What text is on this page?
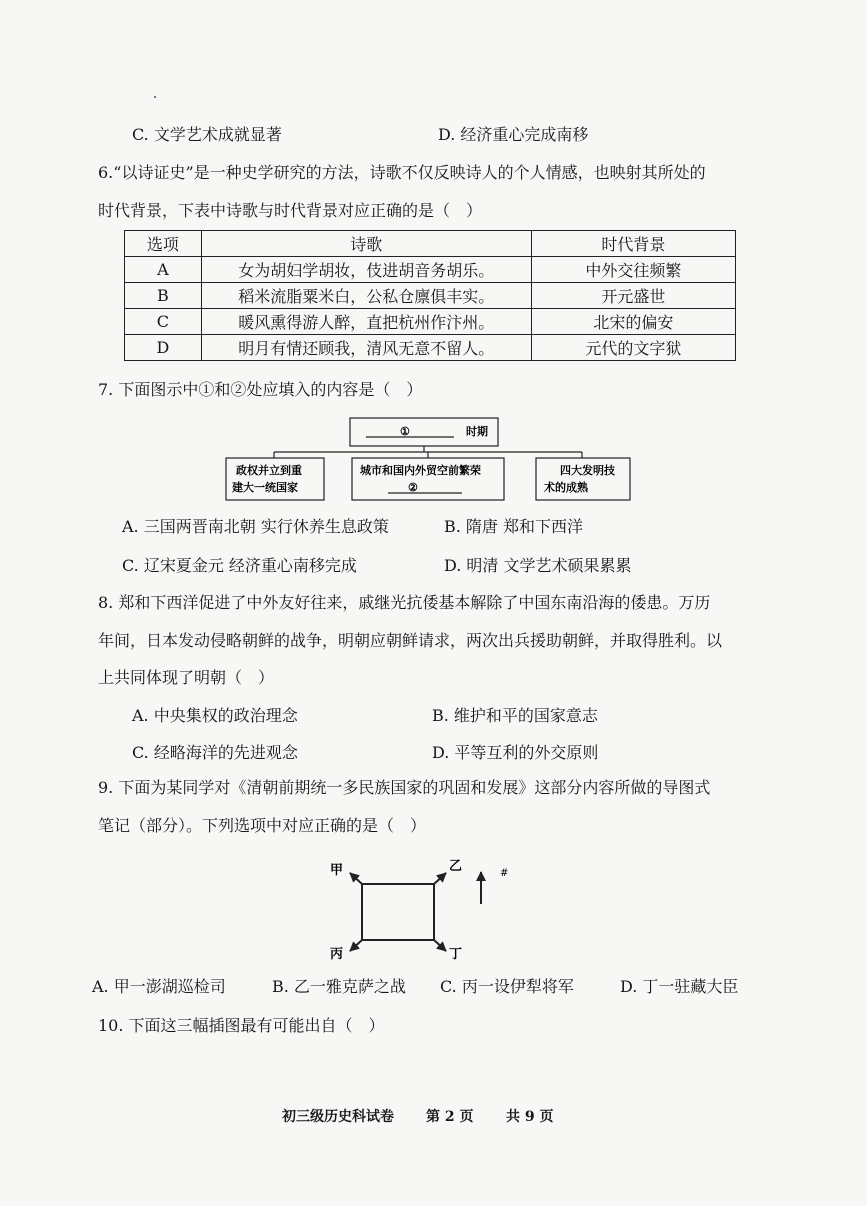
C. 文学艺术成就显著	D. 经济重心完成南移
6.“以诗证史”是一种史学研究的方法，诗歌不仅反映诗人的个人情感，也映射其所处的
时代背景，下表中诗歌与时代背景对应正确的是（　）
选项	诗歌	时代背景
A	女为胡妇学胡妆，伎进胡音务胡乐。	中外交往频繁
B	稻米流脂粟米白，公私仓廪俱丰实。	开元盛世
C	暖风熏得游人醉，直把杭州作汴州。	北宋的偏安
D	明月有情还顾我，清风无意不留人。	元代的文字狱
7. 下面图示中①和②处应填入的内容是（　）
①	时期
政权并立到重
建大一统国家
城市和国内外贸空前繁荣
②
四大发明技
术的成熟
A. 三国两晋南北朝 实行休养生息政策	B. 隋唐 郑和下西洋
C. 辽宋夏金元 经济重心南移完成	D. 明清 文学艺术硕果累累
8. 郑和下西洋促进了中外友好往来，戚继光抗倭基本解除了中国东南沿海的倭患。万历
年间，日本发动侵略朝鲜的战争，明朝应朝鲜请求，两次出兵援助朝鲜，并取得胜利。以
上共同体现了明朝（　）
A. 中央集权的政治理念	B. 维护和平的国家意志
C. 经略海洋的先进观念	D. 平等互利的外交原则
9. 下面为某同学对《清朝前期统一多民族国家的巩固和发展》这部分内容所做的导图式
笔记（部分）。下列选项中对应正确的是（　）
甲	乙
丙	丁
#
A. 甲一澎湖巡检司	B. 乙一雅克萨之战 C. 丙一设伊犁将军	D. 丁一驻藏大臣
10. 下面这三幅插图最有可能出自（　）
初三级历史科试卷 第 2 页 共 9 页
